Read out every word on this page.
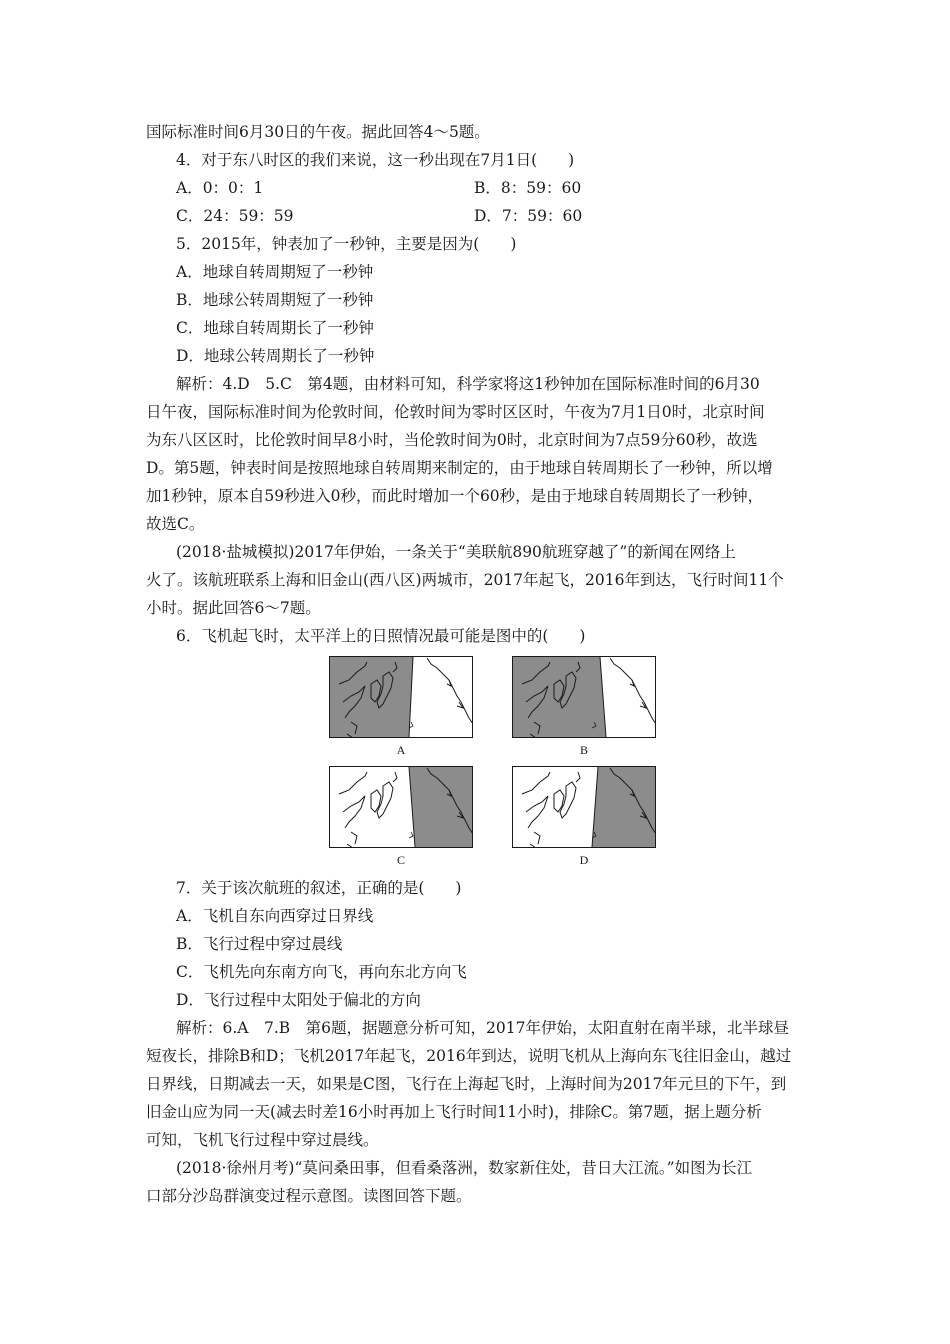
国际标准时间6月30日的午夜。据此回答4～5题。
4．对于东八时区的我们来说，这一秒出现在7月1日(　　)
A．0：0：1	B．8：59：60
C．24：59：59	D．7：59：60
5．2015年，钟表加了一秒钟，主要是因为(　　)
A．地球自转周期短了一秒钟
B．地球公转周期短了一秒钟
C．地球自转周期长了一秒钟
D．地球公转周期长了一秒钟
解析：4.D　5.C　第4题，由材料可知，科学家将这1秒钟加在国际标准时间的6月30
日午夜，国际标准时间为伦敦时间，伦敦时间为零时区区时，午夜为7月1日0时，北京时间
为东八区区时，比伦敦时间早8小时，当伦敦时间为0时，北京时间为7点59分60秒，故选
D。第5题，钟表时间是按照地球自转周期来制定的，由于地球自转周期长了一秒钟，所以增
加1秒钟，原本自59秒进入0秒，而此时增加一个60秒，是由于地球自转周期长了一秒钟，
故选C。
(2018·盐城模拟)2017年伊始，一条关于“美联航890航班穿越了”的新闻在网络上
火了。该航班联系上海和旧金山(西八区)两城市，2017年起飞，2016年到达，飞行时间11个
小时。据此回答6～7题。
6．飞机起飞时，太平洋上的日照情况最可能是图中的(　　)
A	B
C	D
7．关于该次航班的叙述，正确的是(　　)
A．飞机自东向西穿过日界线
B．飞行过程中穿过晨线
C．飞机先向东南方向飞，再向东北方向飞
D．飞行过程中太阳处于偏北的方向
解析：6.A　7.B　第6题，据题意分析可知，2017年伊始，太阳直射在南半球，北半球昼
短夜长，排除B和D；飞机2017年起飞，2016年到达，说明飞机从上海向东飞往旧金山，越过
日界线，日期减去一天，如果是C图，飞行在上海起飞时，上海时间为2017年元旦的下午，到
旧金山应为同一天(减去时差16小时再加上飞行时间11小时)，排除C。第7题，据上题分析
可知，飞机飞行过程中穿过晨线。
(2018·徐州月考)“莫问桑田事，但看桑落洲，数家新住处，昔日大江流。”如图为长江
口部分沙岛群演变过程示意图。读图回答下题。
